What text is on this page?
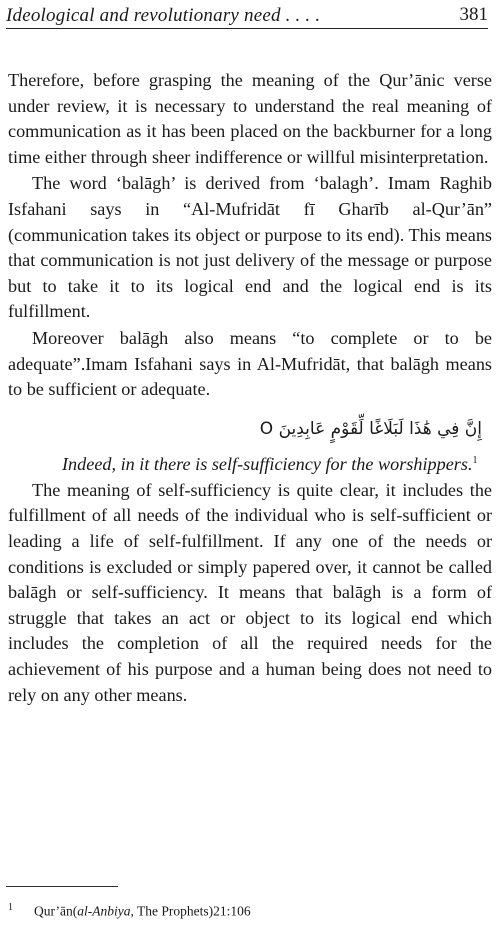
Ideological and revolutionary need . . . .	381

Therefore, before grasping the meaning of the Qur’ānic verse under review, it is necessary to understand the real meaning of communication as it has been placed on the backburner for a long time either through sheer indifference or willful misinterpretation.

The word ‘balāgh’ is derived from ‘balagh’. Imam Raghib Isfahani says in “Al-Mufridāt fī Gharīb al-Qur’ān” (communication takes its object or purpose to its end). This means that communication is not just delivery of the message or purpose but to take it to its logical end and the logical end is its fulfillment.

Moreover balāgh also means “to complete or to be adequate”.Imam Isfahani says in Al-Mufridāt, that balāgh means to be sufficient or adequate.

إِنَّ فِي هَٰذَا لَبَلَاغًا لِّقَوْمٍ عَابِدِينَ O

Indeed, in it there is self-sufficiency for the worshippers.$^1$

The meaning of self-sufficiency is quite clear, it includes the fulfillment of all needs of the individual who is self-sufficient or leading a life of self-fulfillment. If any one of the needs or conditions is excluded or simply papered over, it cannot be called balāgh or self-sufficiency. It means that balāgh is a form of struggle that takes an act or object to its logical end which includes the completion of all the required needs for the achievement of his purpose and a human being does not need to rely on any other means.

$^1$ Qur’ān(al-Anbiya, The Prophets)21:106
